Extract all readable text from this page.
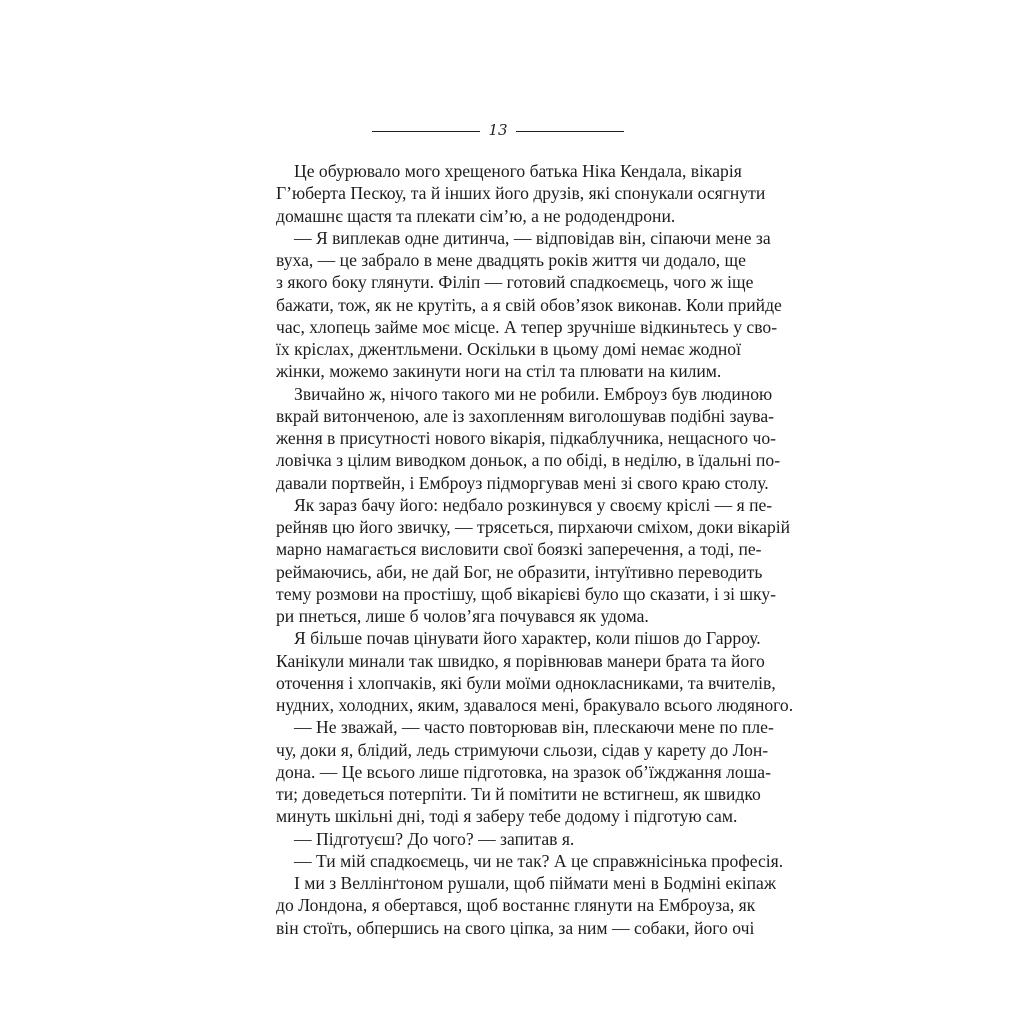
13
Це обурювало мого хрещеного батька Ніка Кендала, вікарія
Г’юберта Пескоу, та й інших його друзів, які спонукали осягнути
домашнє щастя та плекати сім’ю, а не рододендрони.
— Я виплекав одне дитинча, — відповідав він, сіпаючи мене за
вуха, — це забрало в мене двадцять років життя чи додало, ще
з якого боку глянути. Філіп — готовий спадкоємець, чого ж іще
бажати, тож, як не крутіть, а я свій обов’язок виконав. Коли прийде
час, хлопець займе моє місце. А тепер зручніше відкиньтесь у сво-
їх кріслах, джентльмени. Оскільки в цьому домі немає жодної
жінки, можемо закинути ноги на стіл та плювати на килим.
Звичайно ж, нічого такого ми не робили. Емброуз був людиною
вкрай витонченою, але із захопленням виголошував подібні заува-
ження в присутності нового вікарія, підкаблучника, нещасного чо-
ловічка з цілим виводком доньок, а по обіді, в неділю, в їдальні по-
давали портвейн, і Емброуз підморгував мені зі свого краю столу.
Як зараз бачу його: недбало розкинувся у своєму кріслі — я пе-
рейняв цю його звичку, — трясеться, пирхаючи сміхом, доки вікарій
марно намагається висловити свої боязкі заперечення, а тоді, пе-
реймаючись, аби, не дай Бог, не образити, інтуїтивно переводить
тему розмови на простішу, щоб вікарієві було що сказати, і зі шку-
ри пнеться, лише б чолов’яга почувався як удома.
Я більше почав цінувати його характер, коли пішов до Гарроу.
Канікули минали так швидко, я порівнював манери брата та його
оточення і хлопчаків, які були моїми однокласниками, та вчителів,
нудних, холодних, яким, здавалося мені, бракувало всього людяного.
— Не зважай, — часто повторював він, плескаючи мене по пле-
чу, доки я, блідий, ледь стримуючи сльози, сідав у карету до Лон-
дона. — Це всього лише підготовка, на зразок об’їжджання лоша-
ти; доведеться потерпіти. Ти й помітити не встигнеш, як швидко
минуть шкільні дні, тоді я заберу тебе додому і підготую сам.
— Підготуєш? До чого? — запитав я.
— Ти мій спадкоємець, чи не так? А це справжнісінька професія.
І ми з Веллінґтоном рушали, щоб піймати мені в Бодміні екіпаж
до Лондона, я обертався, щоб востаннє глянути на Емброуза, як
він стоїть, обпершись на свого ціпка, за ним — собаки, його очі
